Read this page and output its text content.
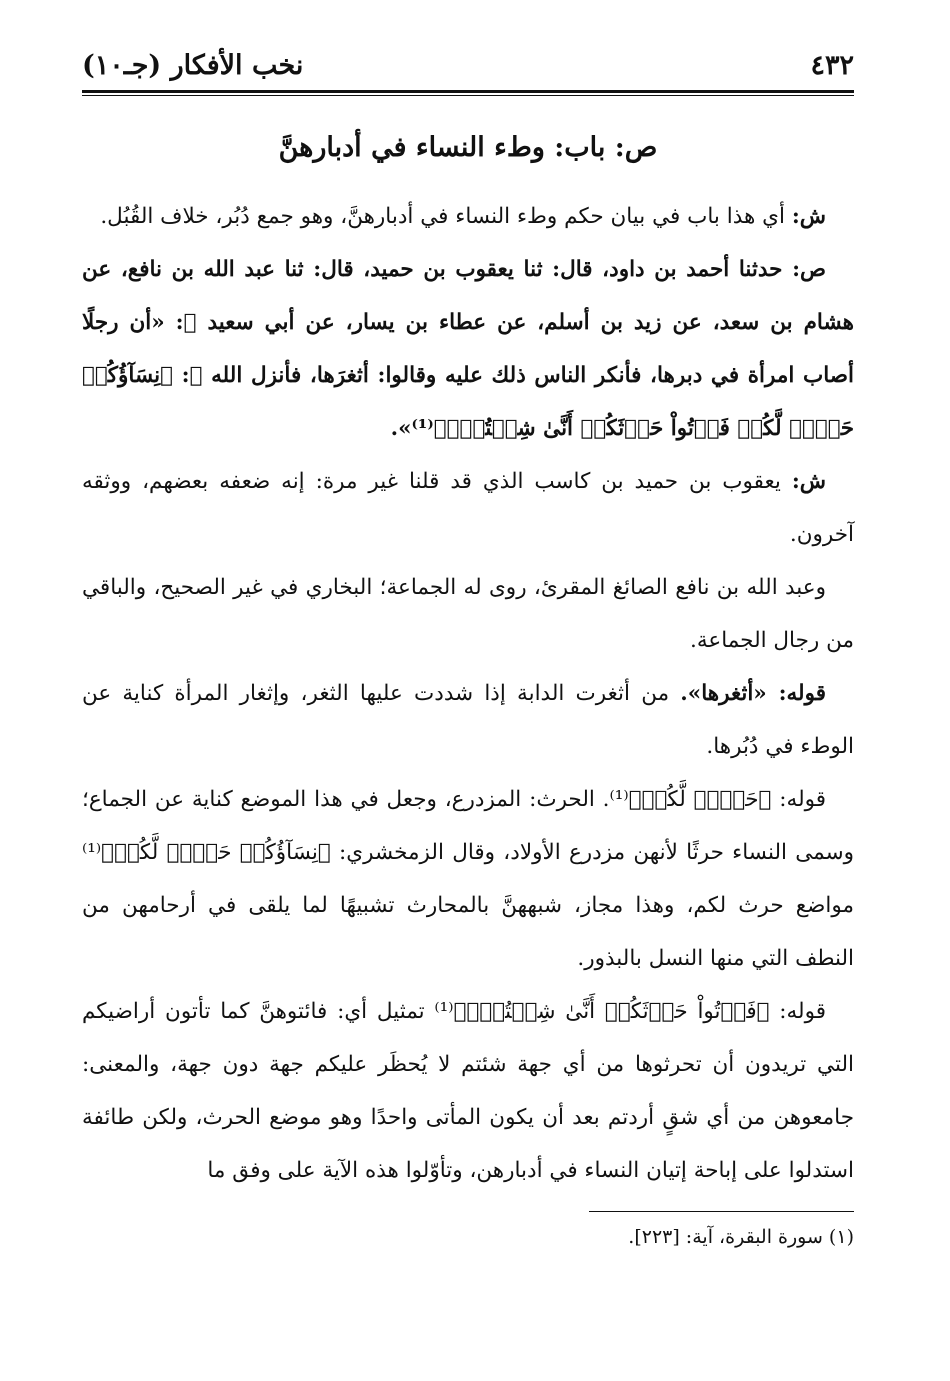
٤٣٢
نخب الأفكار (جـ١٠)
ص: باب: وطء النساء في أدبارهنَّ

ش: أي هذا باب في بيان حكم وطء النساء في أدبارهنَّ، وهو جمع دُبُر، خلاف القُبُل.

ص: حدثنا أحمد بن داود، قال: ثنا يعقوب بن حميد، قال: ثنا عبد الله بن نافع، عن هشام بن سعد، عن زيد بن أسلم، عن عطاء بن يسار، عن أبي سعيد ﷺ: «أن رجلًا أصاب امرأة في دبرها، فأنكر الناس ذلك عليه وقالوا: أثغرَها، فأنزل الله ﷻ: ﴿نِسَآؤُكُمۡ حَرۡثٞ لَّكُمۡ فَأۡتُواْ حَرۡثَكُمۡ أَنَّىٰ شِئۡتُمۡۖ﴾⁽¹⁾».

ش: يعقوب بن حميد بن كاسب الذي قد قلنا غير مرة: إنه ضعفه بعضهم، ووثقه آخرون.

وعبد الله بن نافع الصائغ المقرئ، روى له الجماعة؛ البخاري في غير الصحيح، والباقي من رجال الجماعة.

قوله: «أثغرها». من أثغرت الدابة إذا شددت عليها الثغر، وإثغار المرأة كناية عن الوطء في دُبُرها.

قوله: ﴿حَرۡثٞ لَّكُمۡ﴾⁽¹⁾. الحرث: المزدرع، وجعل في هذا الموضع كناية عن الجماع؛ وسمى النساء حرثًا لأنهن مزدرع الأولاد، وقال الزمخشري: ﴿نِسَآؤُكُمۡ حَرۡثٞ لَّكُمۡ﴾⁽¹⁾ مواضع حرث لكم، وهذا مجاز، شبههنَّ بالمحارث تشبيهًا لما يلقى في أرحامهن من النطف التي منها النسل بالبذور.

قوله: ﴿فَأۡتُواْ حَرۡثَكُمۡ أَنَّىٰ شِئۡتُمۡۖ﴾⁽¹⁾ تمثيل أي: فائتوهنَّ كما تأتون أراضيكم التي تريدون أن تحرثوها من أي جهة شئتم لا يُحظَر عليكم جهة دون جهة، والمعنى: جامعوهن من أي شقٍ أردتم بعد أن يكون المأتى واحدًا وهو موضع الحرث، ولكن طائفة استدلوا على إباحة إتيان النساء في أدبارهن، وتأوّلوا هذه الآية على وفق ما

(١) سورة البقرة، آية: [٢٢٣].
